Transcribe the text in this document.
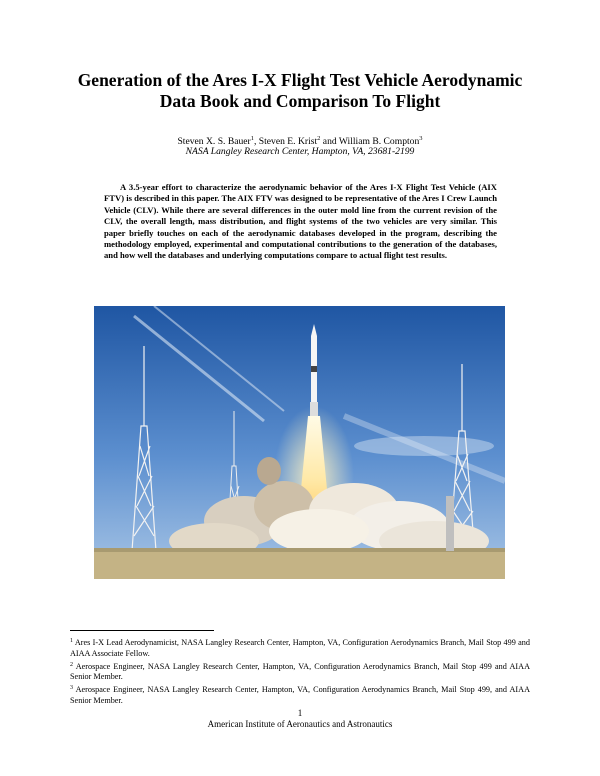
Generation of the Ares I-X Flight Test Vehicle Aerodynamic
Data Book and Comparison To Flight
Steven X. S. Bauer$^1$, Steven E. Krist$^2$ and William B. Compton$^3$
NASA Langley Research Center, Hampton, VA, 23681-2199

A 3.5-year effort to characterize the aerodynamic behavior of the Ares I-X Flight Test Vehicle (AIX FTV) is described in this paper. The AIX FTV was designed to be representative of the Ares I Crew Launch Vehicle (CLV). While there are several differences in the outer mold line from the current revision of the CLV, the overall length, mass distribution, and flight systems of the two vehicles are very similar. This paper briefly touches on each of the aerodynamic databases developed in the program, describing the methodology employed, experimental and computational contributions to the generation of the databases, and how well the databases and underlying computations compare to actual flight test results.

$^1$ Ares I-X Lead Aerodynamicist, NASA Langley Research Center, Hampton, VA, Configuration Aerodynamics Branch, Mail Stop 499 and AIAA Associate Fellow.
$^2$ Aerospace Engineer, NASA Langley Research Center, Hampton, VA, Configuration Aerodynamics Branch, Mail Stop 499 and AIAA Senior Member.
$^3$ Aerospace Engineer, NASA Langley Research Center, Hampton, VA, Configuration Aerodynamics Branch, Mail Stop 499, and AIAA Senior Member.
1
American Institute of Aeronautics and Astronautics
